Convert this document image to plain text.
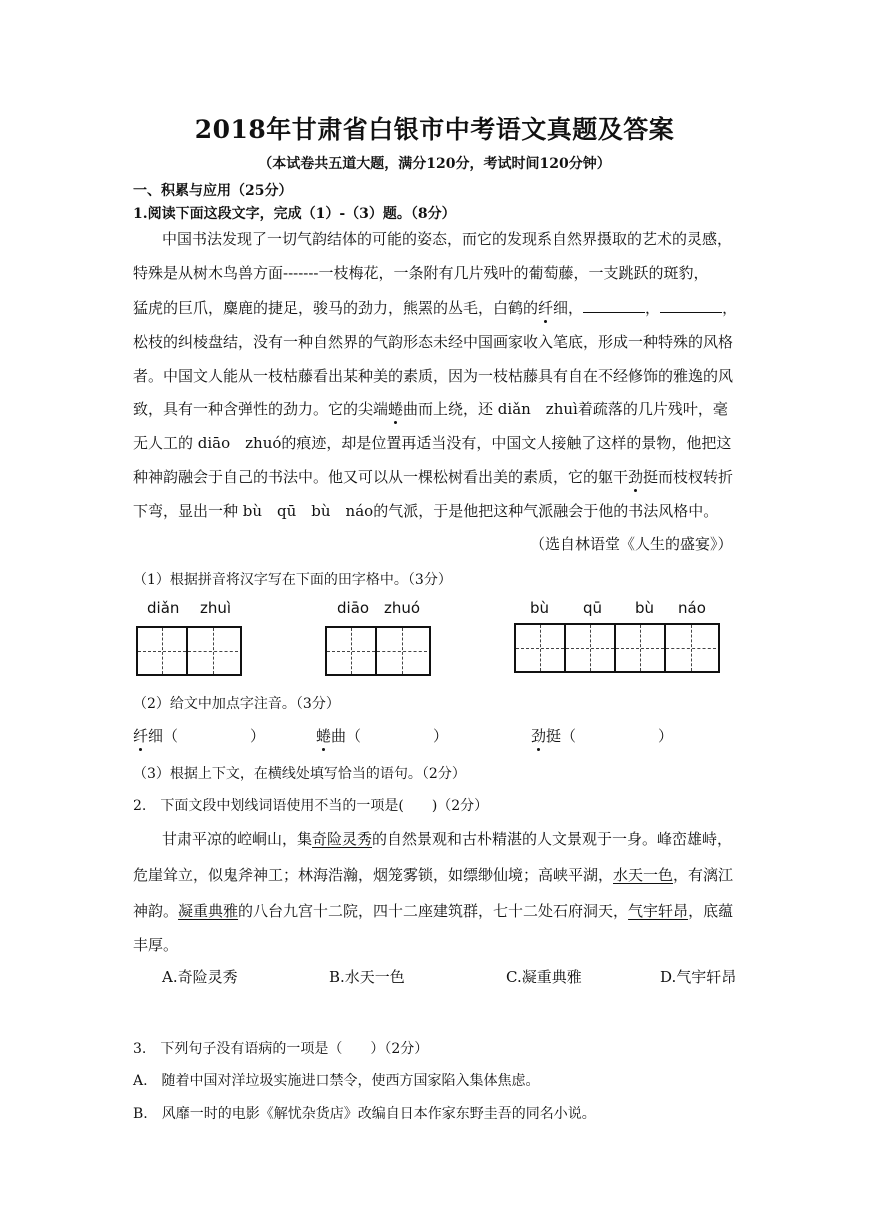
2018年甘肃省白银市中考语文真题及答案
（本试卷共五道大题，满分120分，考试时间120分钟）
一、积累与应用（25分）
1.阅读下面这段文字，完成（1）-（3）题。（8分）
中国书法发现了一切气韵结体的可能的姿态，而它的发现系自然界摄取的艺术的灵感，
特殊是从树木鸟兽方面-------一枝梅花，一条附有几片残叶的葡萄藤，一支跳跃的斑豹，
猛虎的巨爪，麋鹿的捷足，骏马的劲力，熊罴的丛毛，白鹤的纤细，	，	，
松枝的纠棱盘结，没有一种自然界的气韵形态未经中国画家收入笔底，形成一种特殊的风格
者。中国文人能从一枝枯藤看出某种美的素质，因为一枝枯藤具有自在不经修饰的雅逸的风
致，具有一种含弹性的劲力。它的尖端蜷曲而上绕，还 diǎn　zhuì着疏落的几片残叶，毫
无人工的 diāo　zhuó的痕迹，却是位置再适当没有，中国文人接触了这样的景物，他把这
种神韵融会于自己的书法中。他又可以从一棵松树看出美的素质，它的躯干劲挺而枝杈转折
下弯，显出一种 bù　qū　bù　náo的气派，于是他把这种气派融会于他的书法风格中。
（选自林语堂《人生的盛宴》）
（1）根据拼音将汉字写在下面的田字格中。（3分）
diǎn zhuì	diāo zhuó	bù qū bù náo
（2）给文中加点字注音。（3分）
纤细（	）	蜷曲（	）	劲挺（	）
（3）根据上下文，在横线处填写恰当的语句。（2分）
2.　下面文段中划线词语使用不当的一项是(　　)（2分）
甘肃平凉的崆峒山，集奇险灵秀的自然景观和古朴精湛的人文景观于一身。峰峦雄峙，
危崖耸立，似鬼斧神工；林海浩瀚，烟笼雾锁，如缥缈仙境；高峡平湖，水天一色，有漓江
神韵。凝重典雅的八台九宫十二院，四十二座建筑群，七十二处石府洞天，气宇轩昂，底蕴
丰厚。
A.奇险灵秀	B.水天一色	C.凝重典雅	D.气宇轩昂
3.　下列句子没有语病的一项是（　　）（2分）
A.　随着中国对洋垃圾实施进口禁令，使西方国家陷入集体焦虑。
B.　风靡一时的电影《解忧杂货店》改编自日本作家东野圭吾的同名小说。
